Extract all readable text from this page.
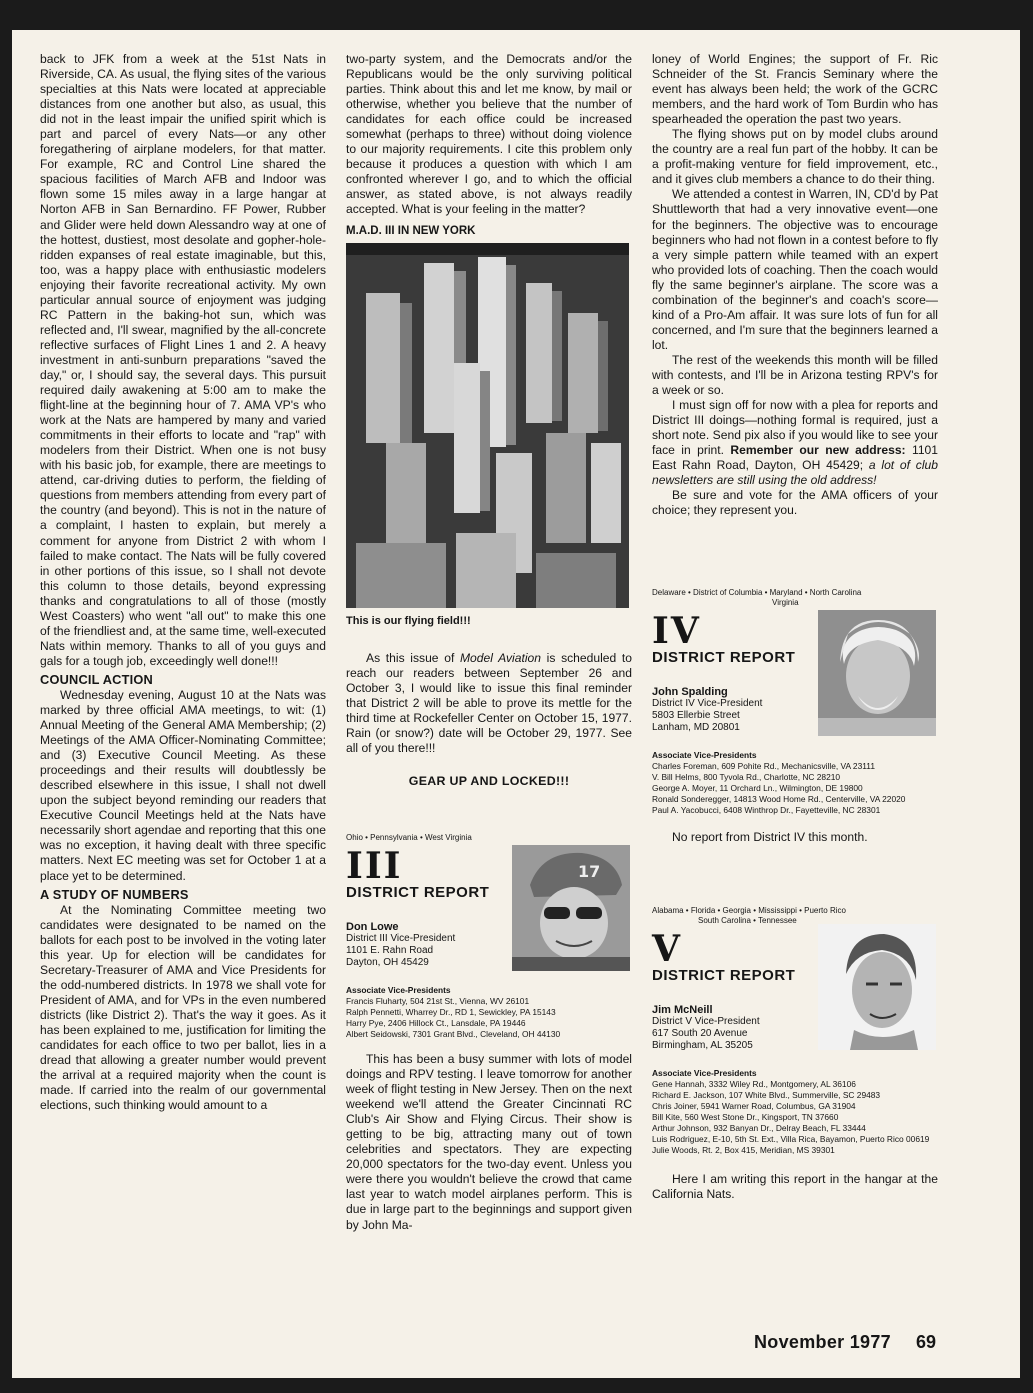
back to JFK from a week at the 51st Nats in Riverside, CA. As usual, the flying sites of the various specialties at this Nats were located at appreciable distances from one another but also, as usual, this did not in the least impair the unified spirit which is part and parcel of every Nats—or any other foregathering of airplane modelers, for that matter. For example, RC and Control Line shared the spacious facilities of March AFB and Indoor was flown some 15 miles away in a large hangar at Norton AFB in San Bernardino. FF Power, Rubber and Glider were held down Alessandro way at one of the hottest, dustiest, most desolate and gopher-hole-ridden expanses of real estate imaginable, but this, too, was a happy place with enthusiastic modelers enjoying their favorite recreational activity. My own particular annual source of enjoyment was judging RC Pattern in the baking-hot sun, which was reflected and, I'll swear, magnified by the all-concrete reflective surfaces of Flight Lines 1 and 2. A heavy investment in anti-sunburn preparations "saved the day," or, I should say, the several days. This pursuit required daily awakening at 5:00 am to make the flight-line at the beginning hour of 7. AMA VP's who work at the Nats are hampered by many and varied commitments in their efforts to locate and "rap" with modelers from their District. When one is not busy with his basic job, for example, there are meetings to attend, car-driving duties to perform, the fielding of questions from members attending from every part of the country (and beyond). This is not in the nature of a complaint, I hasten to explain, but merely a comment for anyone from District 2 with whom I failed to make contact. The Nats will be fully covered in other portions of this issue, so I shall not devote this column to those details, beyond expressing thanks and congratulations to all of those (mostly West Coasters) who went "all out" to make this one of the friendliest and, at the same time, well-executed Nats within memory. Thanks to all of you guys and gals for a tough job, exceedingly well done!!!

COUNCIL ACTION

Wednesday evening, August 10 at the Nats was marked by three official AMA meetings, to wit: (1) Annual Meeting of the General AMA Membership; (2) Meetings of the AMA Officer-Nominating Committee; and (3) Executive Council Meeting. As these proceedings and their results will doubtlessly be described elsewhere in this issue, I shall not dwell upon the subject beyond reminding our readers that Executive Council Meetings held at the Nats have necessarily short agendae and reporting that this one was no exception, it having dealt with three specific matters. Next EC meeting was set for October 1 at a place yet to be determined.

A STUDY OF NUMBERS

At the Nominating Committee meeting two candidates were designated to be named on the ballots for each post to be involved in the voting later this year. Up for election will be candidates for Secretary-Treasurer of AMA and Vice Presidents for the odd-numbered districts. In 1978 we shall vote for President of AMA, and for VPs in the even numbered districts (like District 2). That's the way it goes. As it has been explained to me, justification for limiting the candidates for each office to two per ballot, lies in a dread that allowing a greater number would prevent the arrival at a required majority when the count is made. If carried into the realm of our governmental elections, such thinking would amount to a

two-party system, and the Democrats and/or the Republicans would be the only surviving political parties. Think about this and let me know, by mail or otherwise, whether you believe that the number of candidates for each office could be increased somewhat (perhaps to three) without doing violence to our majority requirements. I cite this problem only because it produces a question with which I am confronted wherever I go, and to which the official answer, as stated above, is not always readily accepted. What is your feeling in the matter?

M.A.D. III IN NEW YORK
This is our flying field!!!

As this issue of Model Aviation is scheduled to reach our readers between September 26 and October 3, I would like to issue this final reminder that District 2 will be able to prove its mettle for the third time at Rockefeller Center on October 15, 1977. Rain (or snow?) date will be October 29, 1977. See all of you there!!!

GEAR UP AND LOCKED!!!
Ohio • Pennsylvania • West Virginia
III
DISTRICT REPORT
Don Lowe
District III Vice-President
1101 E. Rahn Road
Dayton, OH 45429
17
Associate Vice-Presidents
Francis Fluharty, 504 21st St., Vienna, WV 26101
Ralph Pennetti, Wharrey Dr., RD 1, Sewickley, PA 15143
Harry Pye, 2406 Hillock Ct., Lansdale, PA 19446
Albert Seidowski, 7301 Grant Blvd., Cleveland, OH 44130

This has been a busy summer with lots of model doings and RPV testing. I leave tomorrow for another week of flight testing in New Jersey. Then on the next weekend we'll attend the Greater Cincinnati RC Club's Air Show and Flying Circus. Their show is getting to be big, attracting many out of town celebrities and spectators. They are expecting 20,000 spectators for the two-day event. Unless you were there you wouldn't believe the crowd that came last year to watch model airplanes perform. This is due in large part to the beginnings and support given by John Ma-

loney of World Engines; the support of Fr. Ric Schneider of the St. Francis Seminary where the event has always been held; the work of the GCRC members, and the hard work of Tom Burdin who has spearheaded the operation the past two years.

The flying shows put on by model clubs around the country are a real fun part of the hobby. It can be a profit-making venture for field improvement, etc., and it gives club members a chance to do their thing.

We attended a contest in Warren, IN, CD'd by Pat Shuttleworth that had a very innovative event—one for the beginners. The objective was to encourage beginners who had not flown in a contest before to fly a very simple pattern while teamed with an expert who provided lots of coaching. Then the coach would fly the same beginner's airplane. The score was a combination of the beginner's and coach's score—kind of a Pro-Am affair. It was sure lots of fun for all concerned, and I'm sure that the beginners learned a lot.

The rest of the weekends this month will be filled with contests, and I'll be in Arizona testing RPV's for a week or so.

I must sign off for now with a plea for reports and District III doings—nothing formal is required, just a short note. Send pix also if you would like to see your face in print. Remember our new address: 1101 East Rahn Road, Dayton, OH 45429; a lot of club newsletters are still using the old address!

Be sure and vote for the AMA officers of your choice; they represent you.

Delaware • District of Columbia • Maryland • North Carolina
Virginia
IV
DISTRICT REPORT
John Spalding
District IV Vice-President
5803 Ellerbie Street
Lanham, MD 20801
Associate Vice-Presidents
Charles Foreman, 609 Pohite Rd., Mechanicsville, VA 23111
V. Bill Helms, 800 Tyvola Rd., Charlotte, NC 28210
George A. Moyer, 11 Orchard Ln., Wilmington, DE 19800
Ronald Sonderegger, 14813 Wood Home Rd., Centerville, VA 22020
Paul A. Yacobucci, 6408 Winthrop Dr., Fayetteville, NC 28301

No report from District IV this month.

Alabama • Florida • Georgia • Mississippi • Puerto Rico
South Carolina • Tennessee
V
DISTRICT REPORT
Jim McNeill
District V Vice-President
617 South 20 Avenue
Birmingham, AL 35205
Associate Vice-Presidents
Gene Hannah, 3332 Wiley Rd., Montgomery, AL 36106
Richard E. Jackson, 107 White Blvd., Summerville, SC 29483
Chris Joiner, 5941 Warner Road, Columbus, GA 31904
Bill Kite, 560 West Stone Dr., Kingsport, TN 37660
Arthur Johnson, 932 Banyan Dr., Delray Beach, FL 33444
Luis Rodriguez, E-10, 5th St. Ext., Villa Rica, Bayamon, Puerto Rico 00619
Julie Woods, Rt. 2, Box 415, Meridian, MS 39301

Here I am writing this report in the hangar at the California Nats.

November 1977 69
